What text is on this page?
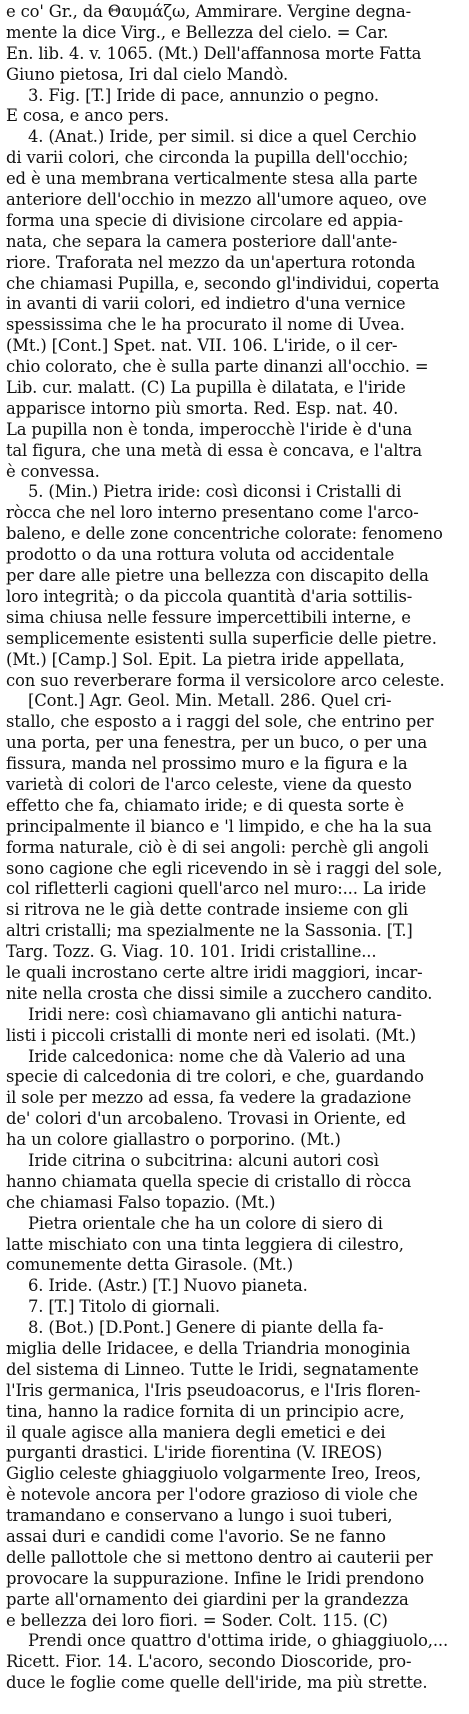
e co' Gr., da Θαυμάζω, Ammirare. Vergine degna-
mente la dice Virg., e Bellezza del cielo. = Car.
En. lib. 4. v. 1065. (Mt.) Dell'affannosa morte Fatta
Giuno pietosa, Iri dal cielo Mandò.
3. Fig. [T.] Iride di pace, annunzio o pegno.
E cosa, e anco pers.
4. (Anat.) Iride, per simil. si dice a quel Cerchio
di varii colori, che circonda la pupilla dell'occhio;
ed è una membrana verticalmente stesa alla parte
anteriore dell'occhio in mezzo all'umore aqueo, ove
forma una specie di divisione circolare ed appia-
nata, che separa la camera posteriore dall'ante-
riore. Traforata nel mezzo da un'apertura rotonda
che chiamasi Pupilla, e, secondo gl'individui, coperta
in avanti di varii colori, ed indietro d'una vernice
spessissima che le ha procurato il nome di Uvea.
(Mt.) [Cont.] Spet. nat. VII. 106. L'iride, o il cer-
chio colorato, che è sulla parte dinanzi all'occhio. =
Lib. cur. malatt. (C) La pupilla è dilatata, e l'iride
apparisce intorno più smorta. Red. Esp. nat. 40.
La pupilla non è tonda, imperocchè l'iride è d'una
tal figura, che una metà di essa è concava, e l'altra
è convessa.
5. (Min.) Pietra iride: così diconsi i Cristalli di
ròcca che nel loro interno presentano come l'arco-
baleno, e delle zone concentriche colorate: fenomeno
prodotto o da una rottura voluta od accidentale
per dare alle pietre una bellezza con discapito della
loro integrità; o da piccola quantità d'aria sottilis-
sima chiusa nelle fessure impercettibili interne, e
semplicemente esistenti sulla superficie delle pietre.
(Mt.) [Camp.] Sol. Epit. La pietra iride appellata,
con suo reverberare forma il versicolore arco celeste.
[Cont.] Agr. Geol. Min. Metall. 286. Quel cri-
stallo, che esposto a i raggi del sole, che entrino per
una porta, per una fenestra, per un buco, o per una
fissura, manda nel prossimo muro e la figura e la
varietà di colori de l'arco celeste, viene da questo
effetto che fa, chiamato iride; e di questa sorte è
principalmente il bianco e 'l limpido, e che ha la sua
forma naturale, ciò è di sei angoli: perchè gli angoli
sono cagione che egli ricevendo in sè i raggi del sole,
col rifletterli cagioni quell'arco nel muro:... La iride
si ritrova ne le già dette contrade insieme con gli
altri cristalli; ma spezialmente ne la Sassonia. [T.]
Targ. Tozz. G. Viag. 10. 101. Iridi cristalline...
le quali incrostano certe altre iridi maggiori, incar-
nite nella crosta che dissi simile a zucchero candito.
Iridi nere: così chiamavano gli antichi natura-
listi i piccoli cristalli di monte neri ed isolati. (Mt.)
Iride calcedonica: nome che dà Valerio ad una
specie di calcedonia di tre colori, e che, guardando
il sole per mezzo ad essa, fa vedere la gradazione
de' colori d'un arcobaleno. Trovasi in Oriente, ed
ha un colore giallastro o porporino. (Mt.)
Iride citrina o subcitrina: alcuni autori così
hanno chiamata quella specie di cristallo di ròcca
che chiamasi Falso topazio. (Mt.)
Pietra orientale che ha un colore di siero di
latte mischiato con una tinta leggiera di cilestro,
comunemente detta Girasole. (Mt.)
6. Iride. (Astr.) [T.] Nuovo pianeta.
7. [T.] Titolo di giornali.
8. (Bot.) [D.Pont.] Genere di piante della fa-
miglia delle Iridacee, e della Triandria monoginia
del sistema di Linneo. Tutte le Iridi, segnatamente
l'Iris germanica, l'Iris pseudoacorus, e l'Iris floren-
tina, hanno la radice fornita di un principio acre,
il quale agisce alla maniera degli emetici e dei
purganti drastici. L'iride fiorentina (V. IREOS)
Giglio celeste ghiaggiuolo volgarmente Ireo, Ireos,
è notevole ancora per l'odore grazioso di viole che
tramandano e conservano a lungo i suoi tuberi,
assai duri e candidi come l'avorio. Se ne fanno
delle pallottole che si mettono dentro ai cauterii per
provocare la suppurazione. Infine le Iridi prendono
parte all'ornamento dei giardini per la grandezza
e bellezza dei loro fiori. = Soder. Colt. 115. (C)
Prendi once quattro d'ottima iride, o ghiaggiuolo,...
Ricett. Fior. 14. L'acoro, secondo Dioscoride, pro-
duce le foglie come quelle dell'iride, ma più strette.
